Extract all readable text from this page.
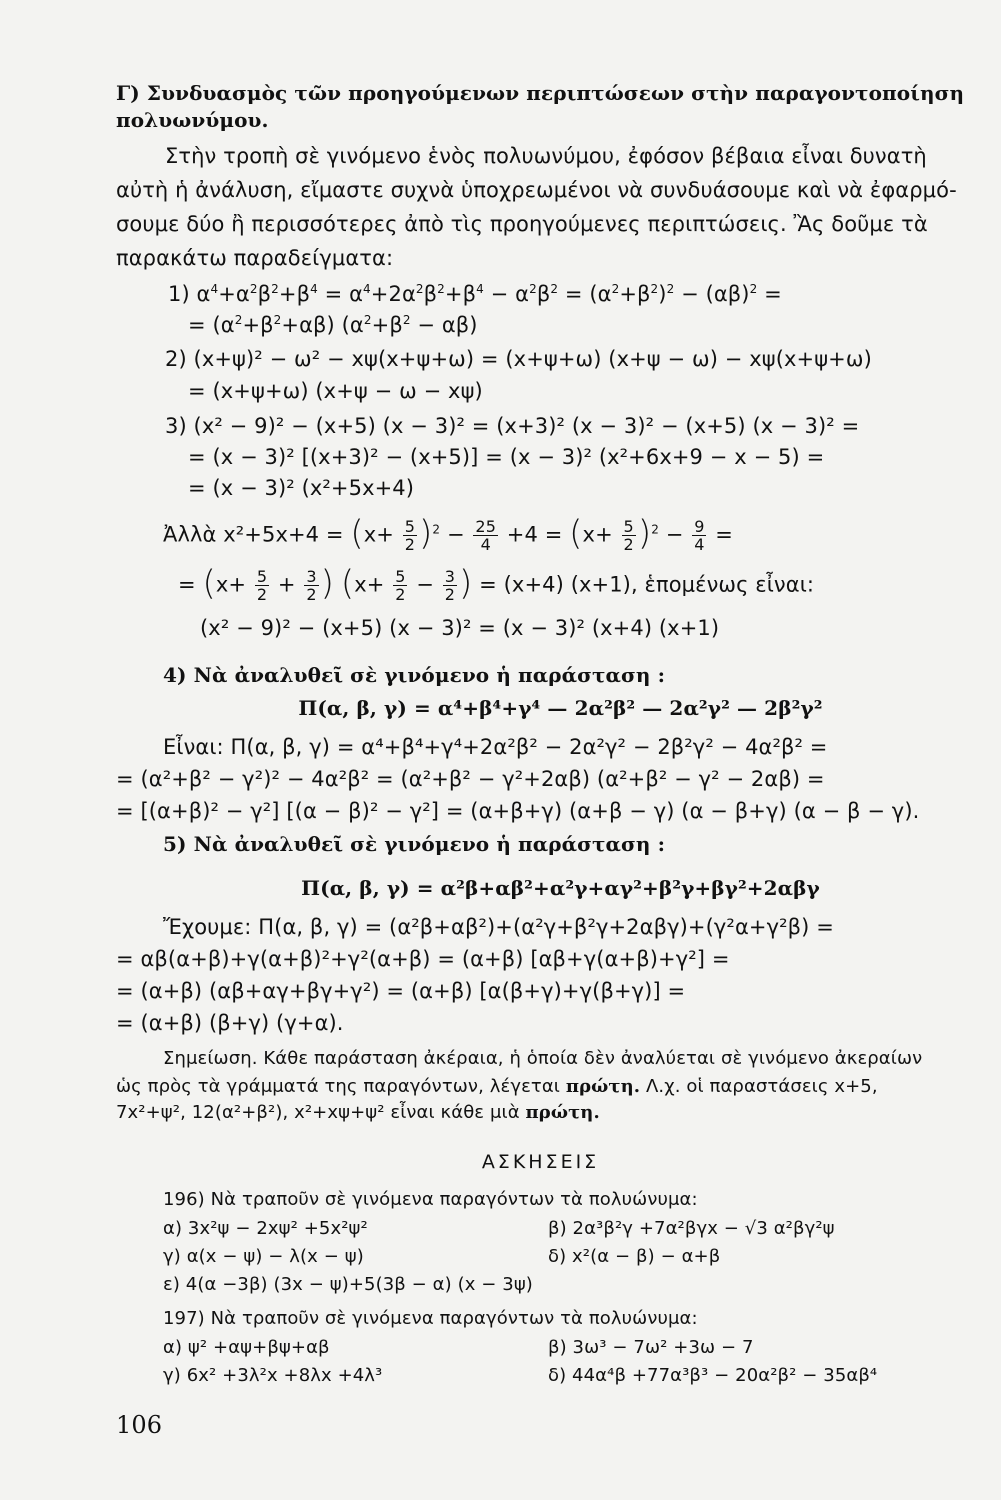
Γ) Συνδυασμὸς τῶν προηγούμενων περιπτώσεων στὴν παραγοντοποίηση
πολυωνύμου.
Στὴν τροπὴ σὲ γινόμενο ἑνὸς πολυωνύμου, ἐφόσον βέβαια εἶναι δυνατὴ
αὐτὴ ἡ ἀνάλυση, εἴμαστε συχνὰ ὑποχρεωμένοι νὰ συνδυάσουμε καὶ νὰ ἐφαρμό-
σουμε δύο ἢ περισσότερες ἀπὸ τὶς προηγούμενες περιπτώσεις. Ἂς δοῦμε τὰ
παρακάτω παραδείγματα:
1) $\alpha^4+\alpha^2\beta^2+\beta^4 = \alpha^4+2\alpha^2\beta^2+\beta^4 - \alpha^2\beta^2 = (\alpha^2+\beta^2)^2 - (\alpha\beta)^2$ =
= $(\alpha^2+\beta^2+\alpha\beta) (\alpha^2+\beta^2 - \alpha\beta)$
2) (x+ψ)² − ω² − xψ(x+ψ+ω) = (x+ψ+ω) (x+ψ − ω) − xψ(x+ψ+ω)
= (x+ψ+ω) (x+ψ − ω − xψ)
3) (x² − 9)² − (x+5) (x − 3)² = (x+3)² (x − 3)² − (x+5) (x − 3)² =
= (x − 3)² [(x+3)² − (x+5)] = (x − 3)² (x²+6x+9 − x − 5) =
= (x − 3)² (x²+5x+4)
Ἀλλὰ $x^2+5x+4 = (x+ \frac{5}{2} )^2 - \frac{25}{4} +4 = (x+ \frac{5}{2} )^2 - \frac{9}{4}$ =
= ($x+ \frac{5}{2} + \frac{3}{2}$ ) ($x+ \frac{5}{2} - \frac{3}{2}$ ) = (x+4) (x+1), ἑπομένως εἶναι:
(x² − 9)² − (x+5) (x − 3)² = (x − 3)² (x+4) (x+1)
4) Νὰ ἀναλυθεῖ σὲ γινόμενο ἡ παράσταση :
Π(α, β, γ) = α⁴+β⁴+γ⁴ — 2α²β² — 2α²γ² — 2β²γ²
Εἶναι: Π(α, β, γ) = α⁴+β⁴+γ⁴+2α²β² − 2α²γ² − 2β²γ² − 4α²β² =
= (α²+β² − γ²)² − 4α²β² = (α²+β² − γ²+2αβ) (α²+β² − γ² − 2αβ) =
= [(α+β)² − γ²] [(α − β)² − γ²] = (α+β+γ) (α+β − γ) (α − β+γ) (α − β − γ).
5) Νὰ ἀναλυθεῖ σὲ γινόμενο ἡ παράσταση :
Π(α, β, γ) = α²β+αβ²+α²γ+αγ²+β²γ+βγ²+2αβγ
Ἔχουμε: Π(α, β, γ) = (α²β+αβ²)+(α²γ+β²γ+2αβγ)+(γ²α+γ²β) =
= αβ(α+β)+γ(α+β)²+γ²(α+β) = (α+β) [αβ+γ(α+β)+γ²] =
= (α+β) (αβ+αγ+βγ+γ²) = (α+β) [α(β+γ)+γ(β+γ)] =
= (α+β) (β+γ) (γ+α).
Σημείωση. Κάθε παράσταση ἀκέραια, ἡ ὁποία δὲν ἀναλύεται σὲ γινόμενο ἀκεραίων
ὡς πρὸς τὰ γράμματά της παραγόντων, λέγεται πρώτη. Λ.χ. οἱ παραστάσεις x+5,
7x²+ψ², 12(α²+β²), x²+xψ+ψ² εἶναι κάθε μιὰ πρώτη.
ΑΣΚΗΣΕΙΣ
196) Νὰ τραποῦν σὲ γινόμενα παραγόντων τὰ πολυώνυμα:
α) 3x²ψ − 2xψ² +5x²ψ²	β) 2α³β²γ +7α²βγx − √3 α²βγ²ψ
γ) α(x − ψ) − λ(x − ψ)	δ) x²(α − β) − α+β
ε) 4(α −3β) (3x − ψ)+5(3β − α) (x − 3ψ)
197) Νὰ τραποῦν σὲ γινόμενα παραγόντων τὰ πολυώνυμα:
α) ψ² +αψ+βψ+αβ	β) 3ω³ − 7ω² +3ω − 7
γ) 6x² +3λ²x +8λx +4λ³	δ) 44α⁴β +77α³β³ − 20α²β² − 35αβ⁴
106
